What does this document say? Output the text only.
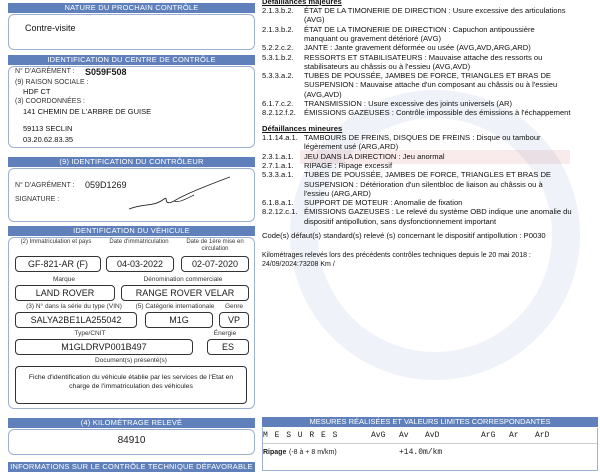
NATURE DU PROCHAIN CONTRÔLE
Contre-visite
IDENTIFICATION DU CENTRE DE CONTRÔLE
N° D'AGRÉMENT : S059F508
(9) RAISON SOCIALE :
HDF CT
(3) COORDONNÉES :
141 CHEMIN DE L'ARBRE DE GUISE
59113 SECLIN
03.20.62.83.35
(9) IDENTIFICATION DU CONTRÔLEUR
N° D'AGRÉMENT : 059D1269
SIGNATURE :
IDENTIFICATION DU VÉHICULE
(2) Immatriculation et pays	Date d'immatriculation	Date de 1ère mise en circulation
GF-821-AR (F)	04-03-2022	02-07-2020
Marque	Dénomination commerciale
LAND ROVER	RANGE ROVER VELAR
(3) N° dans la série du type (VIN)	(5) Catégorie internationale	Genre
SALYA2BE1LA255042	M1G	VP
Type/CNIT	Énergie
M1GLDRVP001B497	ES
Document(s) présenté(s)
Fiche d'identification du véhicule établie par les services de l'Etat en charge de l'immatriculation des véhicules
(4) KILOMÉTRAGE RELEVÉ
84910
INFORMATIONS SUR LE CONTRÔLE TECHNIQUE DÉFAVORABLE
Défaillances majeures
2.1.3.b.2. ÉTAT DE LA TIMONERIE DE DIRECTION : Usure excessive des articulations
(AVG)
2.1.3.b.2. ÉTAT DE LA TIMONERIE DE DIRECTION : Capuchon antipoussière
manquant ou gravement détérioré (AVG)
5.2.2.c.2. JANTE : Jante gravement déformée ou usée (AVG,AVD,ARG,ARD)
5.3.1.b.2. RESSORTS ET STABILISATEURS : Mauvaise attache des ressorts ou
stabilisateurs au châssis ou à l'essieu (AVG,AVD)
5.3.3.a.2. TUBES DE POUSSÉE, JAMBES DE FORCE, TRIANGLES ET BRAS DE
SUSPENSION : Mauvaise attache d'un composant au châssis ou à l'essieu
(AVG,AVD)
6.1.7.c.2. TRANSMISSION : Usure excessive des joints universels (AR)
8.2.12.f.2. ÉMISSIONS GAZEUSES : Contrôle impossible des émissions à l'échappement
Défaillances mineures
1.1.14.a.1. TAMBOURS DE FREINS, DISQUES DE FREINS : Disque ou tambour
légèrement usé (ARG,ARD)
2.3.1.a.1. JEU DANS LA DIRECTION : Jeu anormal
2.7.1.a.1. RIPAGE : Ripage excessif
5.3.3.a.1. TUBES DE POUSSÉE, JAMBES DE FORCE, TRIANGLES ET BRAS DE
SUSPENSION : Détérioration d'un silentbloc de liaison au châssis ou à
l'essieu (ARG,ARD)
6.1.8.a.1. SUPPORT DE MOTEUR : Anomalie de fixation
8.2.12.c.1. ÉMISSIONS GAZEUSES : Le relevé du système OBD indique une anomalie du
dispositif antipollution, sans dysfonctionnement important
Code(s) défaut(s) standard(s) relevé (s) concernant le dispositif antipollution : P0030
Kilométrages relevés lors des précédents contrôles techniques depuis le 20 mai 2018 :
24/09/2024:73208 Km /
MESURES RÉALISÉES ET VALEURS LIMITES CORRESPONDANTES
M E S U R E S	AvG Av AvD	ArG Ar ArD
Ripage (-8 à + 8 m/km)	+14.0m/km
